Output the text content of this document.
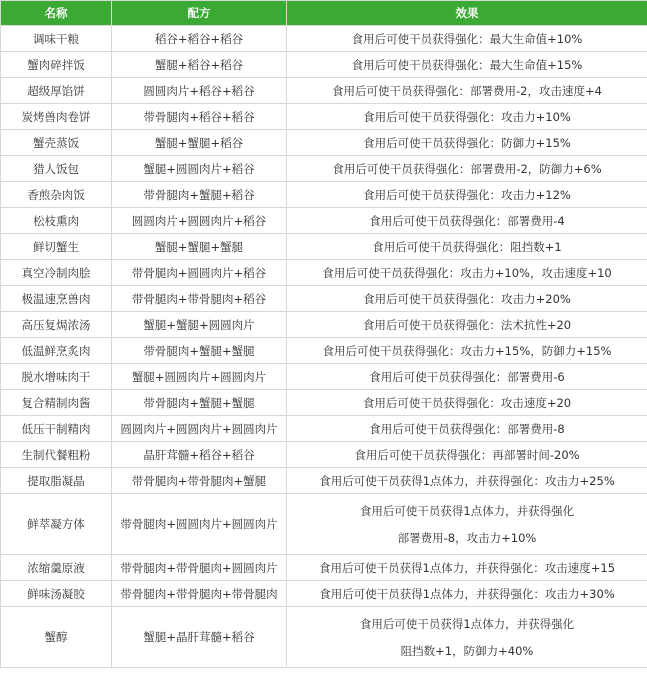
名称	配方	效果
调味干粮	稻谷+稻谷+稻谷	食用后可使干员获得强化：最大生命值+10%

蟹肉碎拌饭	蟹腿+稻谷+稻谷	食用后可使干员获得强化：最大生命值+15%

超级厚馅饼	圆圆肉片+稻谷+稻谷	食用后可使干员获得强化：部署费用-2，攻击速度+4

炭烤兽肉卷饼	带骨腿肉+稻谷+稻谷	食用后可使干员获得强化：攻击力+10%

蟹壳蒸饭	蟹腿+蟹腿+稻谷	食用后可使干员获得强化：防御力+15%

猎人饭包	蟹腿+圆圆肉片+稻谷	食用后可使干员获得强化：部署费用-2，防御力+6%

香煎杂肉饭	带骨腿肉+蟹腿+稻谷	食用后可使干员获得强化：攻击力+12%

松枝熏肉	圆圆肉片+圆圆肉片+稻谷	食用后可使干员获得强化：部署费用-4

鲜切蟹生	蟹腿+蟹腿+蟹腿	食用后可使干员获得强化：阻挡数+1

真空冷制肉脍	带骨腿肉+圆圆肉片+稻谷	食用后可使干员获得强化：攻击力+10%，攻击速度+10

极温速烹兽肉	带骨腿肉+带骨腿肉+稻谷	食用后可使干员获得强化：攻击力+20%

高压复焗浓汤	蟹腿+蟹腿+圆圆肉片	食用后可使干员获得强化：法术抗性+20

低温鲜烹炙肉	带骨腿肉+蟹腿+蟹腿	食用后可使干员获得强化：攻击力+15%，防御力+15%

脱水增味肉干	蟹腿+圆圆肉片+圆圆肉片	食用后可使干员获得强化：部署费用-6

复合精制肉酱	带骨腿肉+蟹腿+蟹腿	食用后可使干员获得强化：攻击速度+20

低压干制精肉	圆圆肉片+圆圆肉片+圆圆肉片	食用后可使干员获得强化：部署费用-8

生制代餐粗粉	晶肝茸髓+稻谷+稻谷	食用后可使干员获得强化：再部署时间-20%

提取脂凝晶	带骨腿肉+带骨腿肉+蟹腿	食用后可使干员获得1点体力，并获得强化：攻击力+25%

鲜萃凝方体	带骨腿肉+圆圆肉片+圆圆肉片	食用后可使干员获得1点体力，并获得强化
部署费用-8，攻击力+10%

浓缩羹原液	带骨腿肉+带骨腿肉+圆圆肉片	食用后可使干员获得1点体力，并获得强化：攻击速度+15

鲜味汤凝胶	带骨腿肉+带骨腿肉+带骨腿肉	食用后可使干员获得1点体力，并获得强化：攻击力+30%

蟹醇	蟹腿+晶肝茸髓+稻谷	食用后可使干员获得1点体力，并获得强化
阻挡数+1，防御力+40%
